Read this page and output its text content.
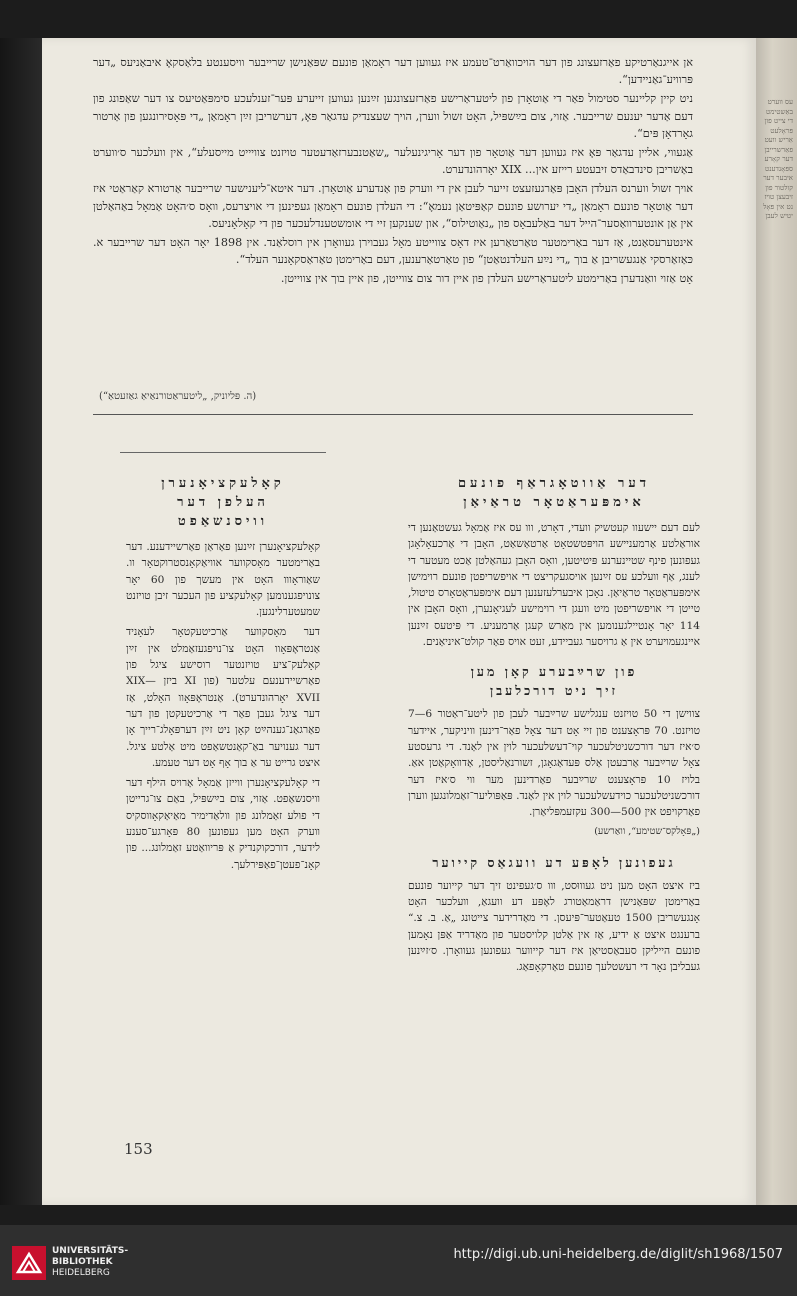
עס ווערט באַשטימט די צייט פון פּראָלעטאַריש וועט פאַרשרייבן דער קאָרעספּאָנדענט איבער דער קולטור פון זיבעצן טויזנט אין פּאָליטיש לעבן

אן אייגנאַרטיקע פאַרזעצונג פון דער הויכוואַרט־טעמע איז געווען דער ראָמאַן פונעם שפּאַנישן שרייבער וויסענטע בלאַסקאָ איבאַניעס „דער פּרוויע־גאַניידען“.

ניט קיין קליינער סטימול פאַר די אַוטאָרן פון ליטעראַרישע פאַרזעצונגען זײַנען געווען זייערע פּער־זענלעכע סימפּאַטיעס צו דער שאַפונג פון דעם אַדער יענעם שרייבער. אַזוי, צום בײַשפּיל, האָט זשול ווערן, הויך שעצנדיק עדגאַר פּאָ, דערשריבן זײַן ראָמאַן „די פּאָסירונגען פון אַרטור גאָרדאָן פּים“.

אַגעווי, אליין עדגאַר פּאָ איז געווען דער אַוטאָר פון דער אָריגינעלער „שאַטנבערזאַדעטער טויזנט צוויייט מייסעלע“, אין וועלכער ס׳ווערט באַשריבן סינדבאַדס זיבעטע רייזע אין... XIX יאָרהונדערט.

אויך זשול ווערנס העלדן האָבן פּאַרגעזעצט זייער לעבן אין די ווערק פון אַנדערע אַוטאָרן. דער איטא־ליענישער שרייבער אַרטורא קאַראַטי איז דער אַוטאָר פונעם ראָמאַן „די יערושע פונעם קאַפּיטאַן נעמאָ“: די העלדן פונעם ראָמאַן געפינען די אויצרעס, וואָס ס׳האָט אַמאָל באַהאַלטן אין אַן אונטערוואַסער־הייל דער באַלעבאָס פון „נאַוטילוס“, און שענקען זיי די אומשטענדלעכער פון די קאָלאָניעס.

אינטערעסאַנט, אַז דער באַרימטער טאַרטאַרען איז דאָס צווייטע מאָל געבוירן געוואָרן אין רוסלאַנד. אין 1898 יאָר האָט דער שרייבער א. כּאַזאַרסקי אַנגעשריבן אַ בוך „די נײַע העלדנטאַטן“ פון טאַרטאַרענען, דעם באַרימטן טאַראַסקאָנער העלד“.

אָט אַזוי וואַנדערן באַרימטע ליטעראַרישע העלדן פון איין דור צום צווייטן, פון איין בוך אין צווייטן.

(ה. פּליוניק, „ליטעראַטורנאַיאַ גאַזעטאַ“)
דער אַווטאָגראַף פונעם
אימפּעראַטאָר טראַיאַן

לעם דעם יישעוו קעטשיק וועדי, דאָרט, ווו עס איז אַמאָל געשטאַנען די אוראַלטע אַרמעניישע הויפּטשטאָט אַרטאַשאַט, האָבן די אַרכעאָלאָגן געפונען פינף שטיינערנע פּיטיטען, וואָס האָבן געהאַלטן אַכט מעטער די לענג, אַף וועלכע עס זײַנען אויסגעקריצט די אויפשריפטן פונעם רוימישן אימפּעראַטאָר טראַיאַן. נאָכן איבערלעזענען דעם אימפּעראַטאָרס טיטול, טייטן די אויפשריפטן מיט וועגן די רוימישע לעגיאָנערן, וואָס האָבן אין 114 יאָר אָנטיילגענומען אין מאַרש קעגן אַרמעניע. די פּיטעס זײַנען איינגעמויערט אין אַ גרויסער געביידע, זעט אויס פאַר קולט־איניאַנים.

פון שרײַבערע קאָן מען
זיך ניט דורכלעבן

צווישן די 50 טויזנט ענגלישע שרײַבער לעבן פון ליטע־ראַטור 6—7 טויזנט. 70 פּראָצענט פון זיי אָט דער צאָל פאַר־דינען וויניקער, איידער ס׳איז דער דורכשניטלעכער קוי־דעשלעכער לוין אין לאַנד. די גרעסטע צאָל שרײַבער אַרבעטן אַלס פּעדאַגאָגן, זשורנאַליסטן, אַדוואָקאַטן אאַ. בלויז 10 פּראָצענט שרײַבער פאַרדינען מער ווי ס׳איז דער דורכשניטלעכער כוידעשלעכער לוין אין לאַנד. פּאַפּוליער־זאַמלונגען ווערן פאַרקויפט אין 500—300 עקזעמפּליאַרן.

(„פּאָלקס־שטימע“, וואַרשע)

געפונען לאָפּע דע וועגאַס קייוער

ביז איצט האָט מען ניט געוווּסט, ווו ס׳געפינט זיך דער קייוער פונעם באַרימטן שפּאַנישן דראַמאַטורג לאָפּע דע וועגאַ, וועלכער האָט אָנגעשריבן 1500 טעאַטער־פּיעסן. די מאַדרידער צייטונג „אַ. ב. צ.“ ברענגט איצט אַ ידיע, אַז אין אַלטן קלויסטער פון מאַדריד אַפּן נאָמען פונעם הייליקן סעבאַסטיאַן איז דער קייווער געפונען געוואָרן. ס׳זײַנען געבליבן נאָר די רעשטלעך פונעם טאַרקאָפאַג.

קאָלעקציאָנערן
העלפן דער
וויסנשאַפט

קאָלעקציאָנערן זײַנען פאַראַן פאַרשיידענע. דער באַרימטער מאָסקווער אוויאַקאָנסטרוקטאָר וו. שאַוראָווו האָט אין מעשך פון 60 יאָר צונויפגענומען קאָלעקציע פון העכער זיבן טויזנט שמעטערלינגען.

דער מאָסקווער אַרכיטעקטאָר לעאָניד אַנטראָפּאָוו האָט צו־נויפגעזאַמלט אין זײַן קאָלעק־ציע טויזנטער רוסישע ציגל פון פאַרשיידענעם עלטער (פון XI ביזן XIX—XVII יאָרהונדערט). אַנטראָפּאָוו האָלט, אַז דער ציגל געבן פאַר די אַרכיטעקטן פון דער פאַרגאַנ־גענהײַט קאָן ניט זײַן דערפּאָלג־רייך אָן דער גענויער באַ־קאַנטשאַפט מיט אַלטע ציגל. איצט גרייט ער אַ בוך אָף אָט דער טעמע.

די קאָלעקציאָנערן ווייזן אַמאָל אַרויס הילף דער וויסנשאַפט. אַזוי, צום בײַשפּיל, באַם צו־גרייטן די פולע זאַמלונג פון וולאַדימיר מאַיאַקאָווסקיס ווערק האָט מען געפונען 80 פּאָרגע־סענע לידער, דורכקוקנדיק אַ פּריוואַטע זאַמלונג... פון קאָנ־פעטן־פאַפּירלעך.

153
UNIVERSITÄTS-
BIBLIOTHEK
HEIDELBERG
http://digi.ub.uni-heidelberg.de/diglit/sh1968/1507
